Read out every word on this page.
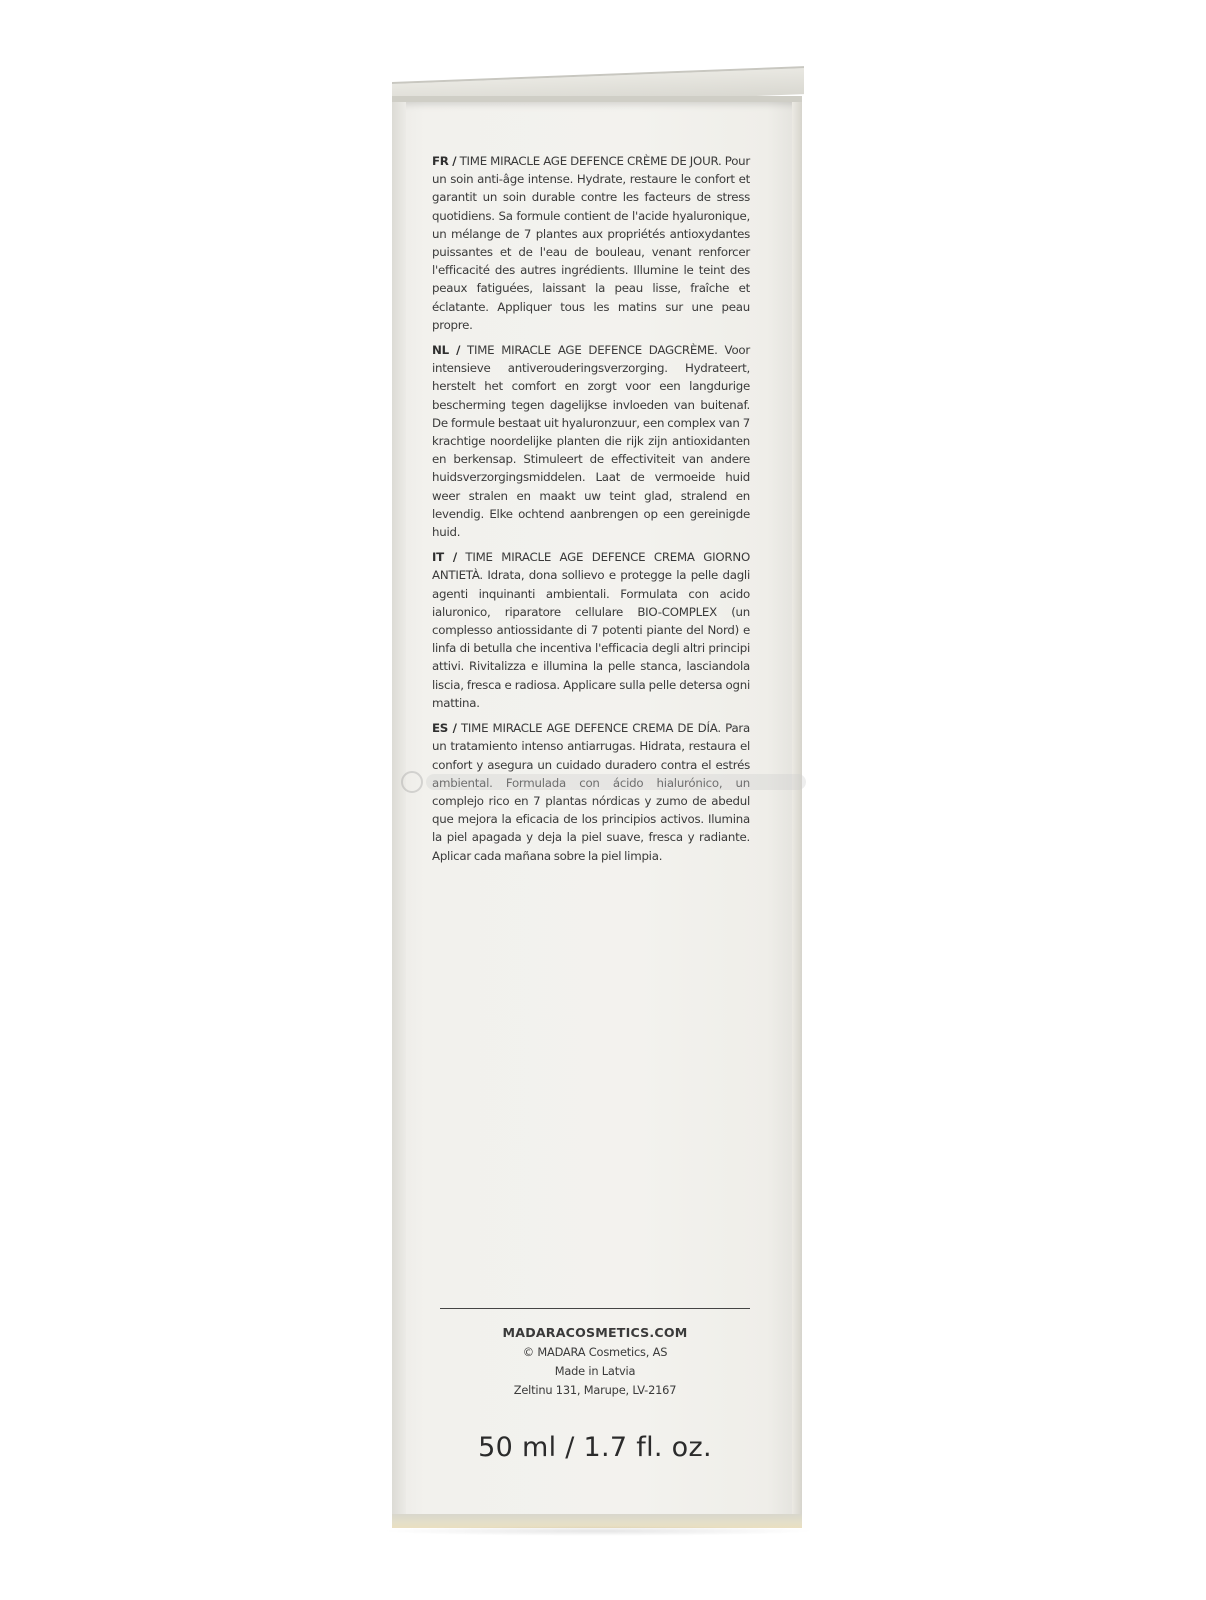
FR / TIME MIRACLE AGE DEFENCE CRÈME DE JOUR. Pour un soin anti-âge intense. Hydrate, restaure le confort et garantit un soin durable contre les facteurs de stress quotidiens. Sa formule contient de l'acide hyaluronique, un mélange de 7 plantes aux propriétés antioxydantes puissantes et de l'eau de bouleau, venant renforcer l'efficacité des autres ingrédients. Illumine le teint des peaux fatiguées, laissant la peau lisse, fraîche et éclatante. Appliquer tous les matins sur une peau propre.

NL / TIME MIRACLE AGE DEFENCE DAGCRÈME. Voor intensieve antiverouderingsverzorging. Hydrateert, herstelt het comfort en zorgt voor een langdurige bescherming tegen dagelijkse invloeden van buitenaf. De formule bestaat uit hyaluronzuur, een complex van 7 krachtige noordelijke planten die rijk zijn antioxidanten en berkensap. Stimuleert de effectiviteit van andere huidsverzorgingsmiddelen. Laat de vermoeide huid weer stralen en maakt uw teint glad, stralend en levendig. Elke ochtend aanbrengen op een gereinigde huid.

IT / TIME MIRACLE AGE DEFENCE CREMA GIORNO ANTIETÀ. Idrata, dona sollievo e protegge la pelle dagli agenti inquinanti ambientali. Formulata con acido ialuronico, riparatore cellulare BIO-COMPLEX (un complesso antiossidante di 7 potenti piante del Nord) e linfa di betulla che incentiva l'efficacia degli altri principi attivi. Rivitalizza e illumina la pelle stanca, lasciandola liscia, fresca e radiosa. Applicare sulla pelle detersa ogni mattina.

ES / TIME MIRACLE AGE DEFENCE CREMA DE DÍA. Para un tratamiento intenso antiarrugas. Hidrata, restaura el confort y asegura un cuidado duradero contra el estrés ambiental. Formulada con ácido hialurónico, un complejo rico en 7 plantas nórdicas y zumo de abedul que mejora la eficacia de los principios activos. Ilumina la piel apagada y deja la piel suave, fresca y radiante. Aplicar cada mañana sobre la piel limpia.

MADARACOSMETICS.COM
© MADARA Cosmetics, AS
Made in Latvia
Zeltinu 131, Marupe, LV-2167
50 ml / 1.7 fl. oz.
